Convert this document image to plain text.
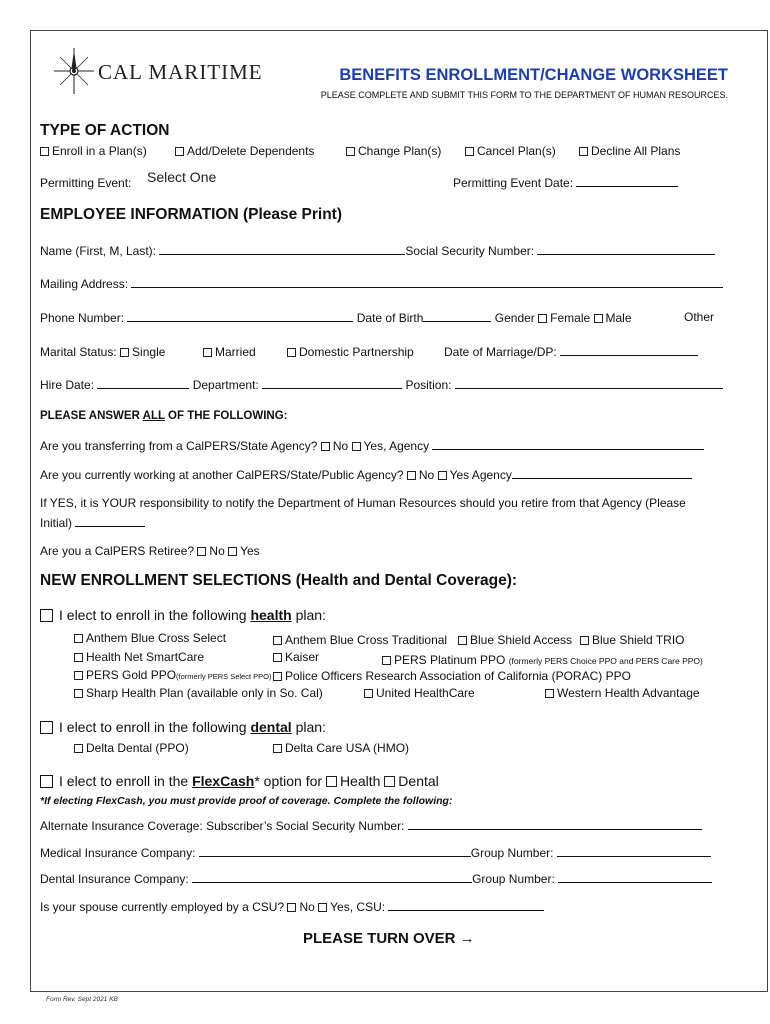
CAL MARITIME	BENEFITS ENROLLMENT/CHANGE WORKSHEET
PLEASE COMPLETE AND SUBMIT THIS FORM TO THE DEPARTMENT OF HUMAN RESOURCES.
TYPE OF ACTION
Enroll in a Plan(s)	Add/Delete Dependents	Change Plan(s)	Cancel Plan(s)	Decline All Plans
Permitting Event: Select One	Permitting Event Date:
EMPLOYEE INFORMATION (Please Print)
Name (First, M, Last):	Social Security Number:
Mailing Address:
Phone Number:	Date of Birth	Gender Female Male	Other
Marital Status: Single	Married	Domestic Partnership	Date of Marriage/DP:
Hire Date:	Department:	Position:
PLEASE ANSWER ALL OF THE FOLLOWING:
Are you transferring from a CalPERS/State Agency? No Yes, Agency
Are you currently working at another CalPERS/State/Public Agency? No Yes Agency
If YES, it is YOUR responsibility to notify the Department of Human Resources should you retire from that Agency (Please
Initial)
Are you a CalPERS Retiree? No Yes
NEW ENROLLMENT SELECTIONS (Health and Dental Coverage):
I elect to enroll in the following health plan:
Anthem Blue Cross Select	Anthem Blue Cross Traditional	Blue Shield Access	Blue Shield TRIO
Health Net SmartCare	Kaiser	PERS Platinum PPO (formerly PERS Choice PPO and PERS Care PPO)
PERS Gold PPO(formerly PERS Select PPO)	Police Officers Research Association of California (PORAC) PPO
Sharp Health Plan (available only in So. Cal)	United HealthCare	Western Health Advantage
I elect to enroll in the following dental plan:
Delta Dental (PPO)	Delta Care USA (HMO)
I elect to enroll in the FlexCash* option for Health Dental
*If electing FlexCash, you must provide proof of coverage. Complete the following:
Alternate Insurance Coverage: Subscriber’s Social Security Number:
Medical Insurance Company:	Group Number:
Dental Insurance Company:	Group Number:
Is your spouse currently employed by a CSU? No Yes, CSU:
PLEASE TURN OVER →
Form Rev. Sept 2021 KB
